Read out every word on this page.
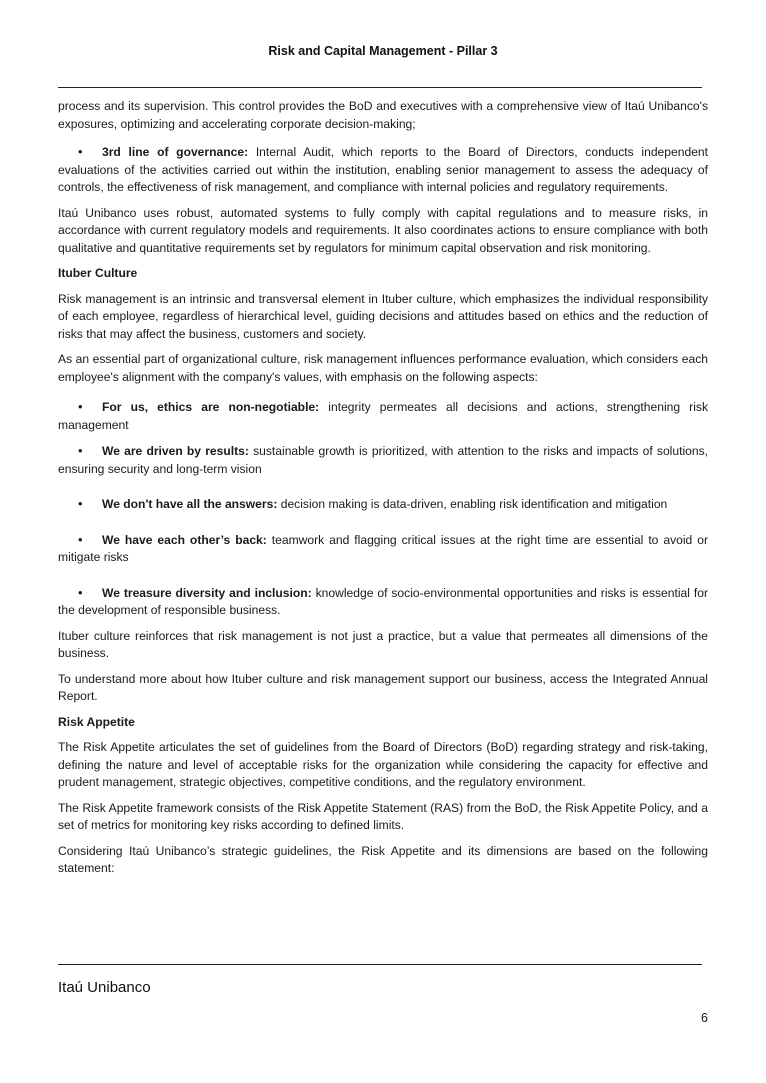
Risk and Capital Management - Pillar 3

process and its supervision. This control provides the BoD and executives with a comprehensive view of Itaú Unibanco's exposures, optimizing and accelerating corporate decision-making;

• 3rd line of governance: Internal Audit, which reports to the Board of Directors, conducts independent evaluations of the activities carried out within the institution, enabling senior management to assess the adequacy of controls, the effectiveness of risk management, and compliance with internal policies and regulatory requirements.

Itaú Unibanco uses robust, automated systems to fully comply with capital regulations and to measure risks, in accordance with current regulatory models and requirements. It also coordinates actions to ensure compliance with both qualitative and quantitative requirements set by regulators for minimum capital observation and risk monitoring.

Ituber Culture

Risk management is an intrinsic and transversal element in Ituber culture, which emphasizes the individual responsibility of each employee, regardless of hierarchical level, guiding decisions and attitudes based on ethics and the reduction of risks that may affect the business, customers and society.

As an essential part of organizational culture, risk management influences performance evaluation, which considers each employee's alignment with the company's values, with emphasis on the following aspects:

• For us, ethics are non-negotiable: integrity permeates all decisions and actions, strengthening risk management

• We are driven by results: sustainable growth is prioritized, with attention to the risks and impacts of solutions, ensuring security and long-term vision

• We don't have all the answers: decision making is data-driven, enabling risk identification and mitigation

• We have each other’s back: teamwork and flagging critical issues at the right time are essential to avoid or mitigate risks

• We treasure diversity and inclusion: knowledge of socio-environmental opportunities and risks is essential for the development of responsible business.

Ituber culture reinforces that risk management is not just a practice, but a value that permeates all dimensions of the business.

To understand more about how Ituber culture and risk management support our business, access the Integrated Annual Report.

Risk Appetite

The Risk Appetite articulates the set of guidelines from the Board of Directors (BoD) regarding strategy and risk-taking, defining the nature and level of acceptable risks for the organization while considering the capacity for effective and prudent management, strategic objectives, competitive conditions, and the regulatory environment.

The Risk Appetite framework consists of the Risk Appetite Statement (RAS) from the BoD, the Risk Appetite Policy, and a set of metrics for monitoring key risks according to defined limits.

Considering Itaú Unibanco’s strategic guidelines, the Risk Appetite and its dimensions are based on the following statement:

Itaú Unibanco
6
